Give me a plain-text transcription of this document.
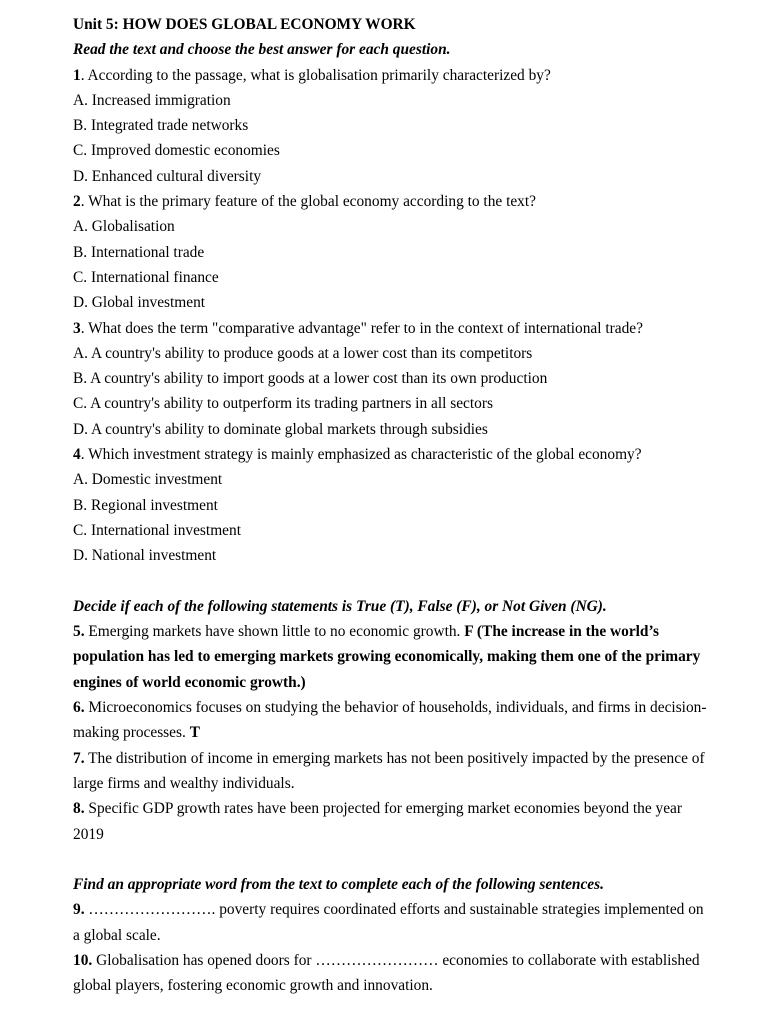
Unit 5: HOW DOES GLOBAL ECONOMY WORK

Read the text and choose the best answer for each question.

1. According to the passage, what is globalisation primarily characterized by?

A. Increased immigration

B. Integrated trade networks

C. Improved domestic economies

D. Enhanced cultural diversity

2. What is the primary feature of the global economy according to the text?

A. Globalisation

B. International trade

C. International finance

D. Global investment

3. What does the term "comparative advantage" refer to in the context of international trade?

A. A country's ability to produce goods at a lower cost than its competitors

B. A country's ability to import goods at a lower cost than its own production

C. A country's ability to outperform its trading partners in all sectors

D. A country's ability to dominate global markets through subsidies

4. Which investment strategy is mainly emphasized as characteristic of the global economy?

A. Domestic investment

B. Regional investment

C. International investment

D. National investment

Decide if each of the following statements is True (T), False (F), or Not Given (NG).

5. Emerging markets have shown little to no economic growth. F (The increase in the world’s population has led to emerging markets growing economically, making them one of the primary engines of world economic growth.)

6. Microeconomics focuses on studying the behavior of households, individuals, and firms in decision-making processes. T

7. The distribution of income in emerging markets has not been positively impacted by the presence of large firms and wealthy individuals.

8. Specific GDP growth rates have been projected for emerging market economies beyond the year 2019

Find an appropriate word from the text to complete each of the following sentences.

9. ……………………. poverty requires coordinated efforts and sustainable strategies implemented on a global scale.

10. Globalisation has opened doors for …………………… economies to collaborate with established global players, fostering economic growth and innovation.
